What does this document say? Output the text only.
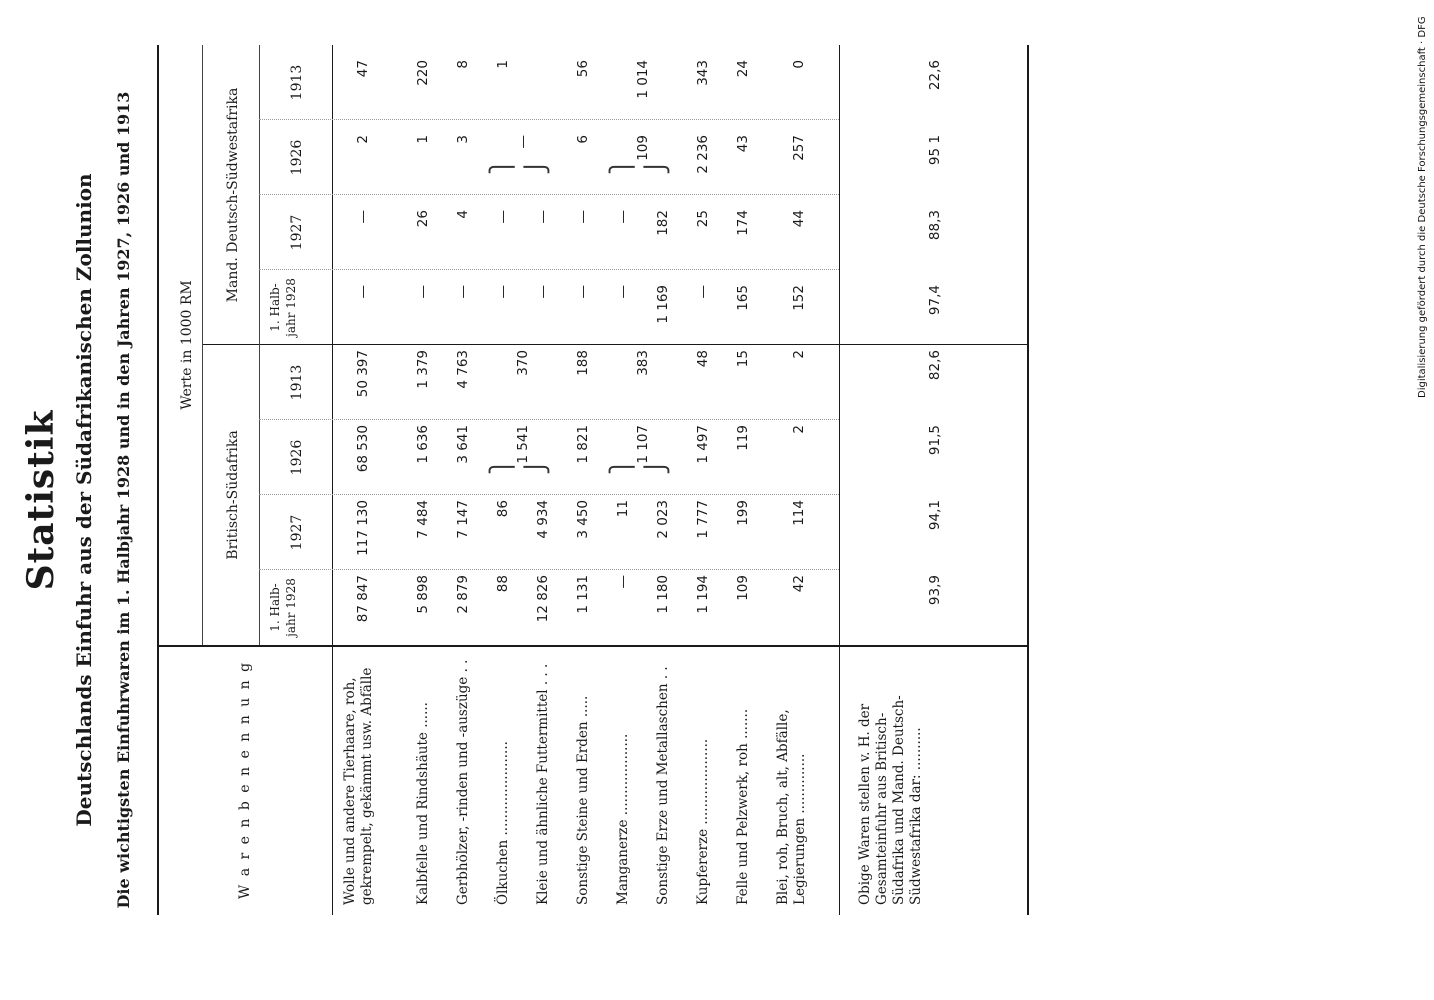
Statistik Deutschlands Einfuhr aus der Südafrikanischen Zollunion Die wichtigsten Einfuhrwaren im 1. Halbjahr 1928 und in den Jahren 1927, 1926 und 1913	W a r e n b e n e n n u n g
Werte in 1000 RM
Britisch-Südafrika
Mand. Deutsch-Südwestafrika
1. Halb- jahr 1928
1927
1926
1913
1. Halb- jahr 1928
1927
1926
1913
Wolle und andere Tierhaare, roh, gekrempelt, gekämmt usw. Abfälle
87 847
117 130
68 530
50 397
—
—
2
47
Kalbfelle und Rindshäute ......
5 898
7 484
1 636
1 379
—
26
1
220
Gerbhölzer, -rinden und -auszüge . .
2 879
7 147
3 641
4 763
—
4
3
8
Ölkuchen ......................
88
86
—
—
1
⎫
⎫
Kleie und ähnliche Futtermittel . . .
12 826
4 934
1 541
370
—
—
—
⎭
⎭
Sonstige Steine und Erden .....
1 131
3 450
1 821
188
—
—
6
56
Manganerze ...................
—
11
—
—
⎫
⎫
Sonstige Erze und Metallaschen . .
1 180
2 023
1 107
383
1 169
182
109
1 014
⎭
⎭
Kupfererze ....................
1 194
1 777
1 497
48
—
25
2 236
343
Felle und Pelzwerk, roh .......
109
199
119
15
165
174
43
24
Blei, roh, Bruch, alt, Abfälle, Legierungen ..............
42
114
2
2
152
44
257
0
Obige Waren stellen v. H. der Gesamteinfuhr aus Britisch-Südafrika und Mand. Deutsch-Südwestafrika dar: ..........
93,9
94,1
91,5
82,6
97,4
88,3
95 1
22,6	Digitalisierung gefördert durch die Deutsche Forschungsgemeinschaft · DFG
